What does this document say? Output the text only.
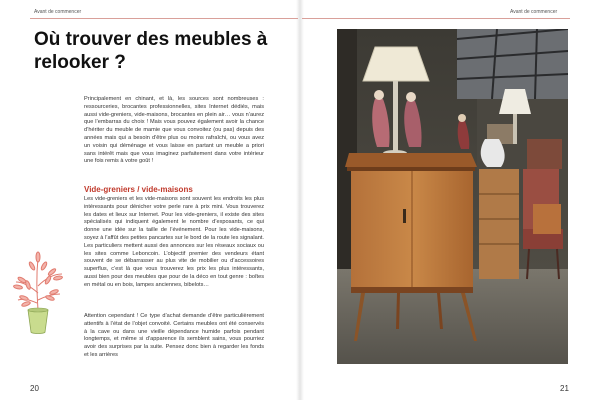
Avant de commencer	Avant de commencer
Où trouver des meubles à relooker ?

Principalement en chinant, et là, les sources sont nombreuses : ressourceries, brocantes professionnelles, sites Internet dédiés, mais aussi vide-greniers, vide-maisons, brocantes en plein air… vous n’aurez que l’embarras du choix ! Mais vous pouvez également avoir la chance d’hériter du meuble de mamie que vous convoitez (ou pas) depuis des années mais qui a besoin d’être plus ou moins rafraîchi, ou vous avez un voisin qui déménage et vous laisse en partant un meuble a priori sans intérêt mais que vous imaginez parfaitement dans votre intérieur une fois remis à votre goût !

Vide-greniers / vide-maisons

Les vide-greniers et les vide-maisons sont souvent les endroits les plus intéressants pour dénicher votre perle rare à prix mini. Vous trouverez les dates et lieux sur Internet. Pour les vide-greniers, il existe des sites spécialisés qui indiquent également le nombre d’exposants, ce qui donne une idée sur la taille de l’événement. Pour les vide-maisons, soyez à l’affût des petites pancartes sur le bord de la route les signalant. Les particuliers mettent aussi des annonces sur les réseaux sociaux ou les sites comme Leboncoin. L’objectif premier des vendeurs étant souvent de se débarrasser au plus vite de mobilier ou d’accessoires superflus, c’est là que vous trouverez les prix les plus intéressants, aussi bien pour des meubles que pour de la déco en tout genre : boîtes en métal ou en bois, lampes anciennes, bibelots…

Attention cependant ! Ce type d’achat demande d’être particulièrement attentifs à l’état de l’objet convoité. Certains meubles ont été conservés à la cave ou dans une vieille dépendance humide parfois pendant longtemps, et même si d’apparence ils semblent sains, vous pourriez avoir des surprises par la suite. Pensez donc bien à regarder les fonds et les arrières

20	21
